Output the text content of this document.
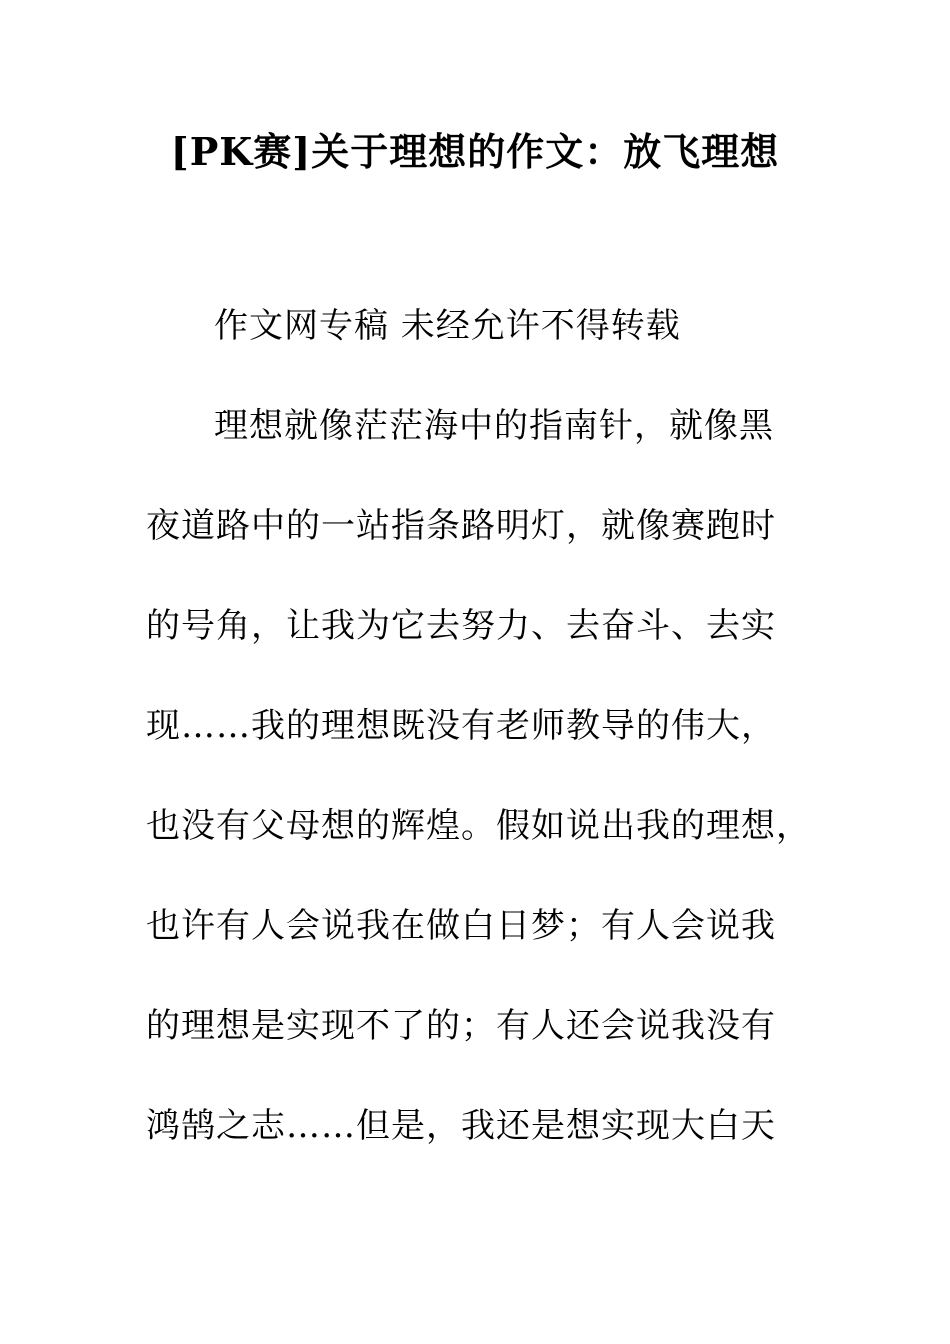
[PK赛]关于理想的作文：放飞理想
作文网专稿 未经允许不得转载
理想就像茫茫海中的指南针，就像黑
夜道路中的一站指条路明灯，就像赛跑时
的号角，让我为它去努力、去奋斗、去实
现……我的理想既没有老师教导的伟大，
也没有父母想的辉煌。假如说出我的理想，
也许有人会说我在做白日梦；有人会说我
的理想是实现不了的；有人还会说我没有
鸿鹄之志……但是，我还是想实现大白天
